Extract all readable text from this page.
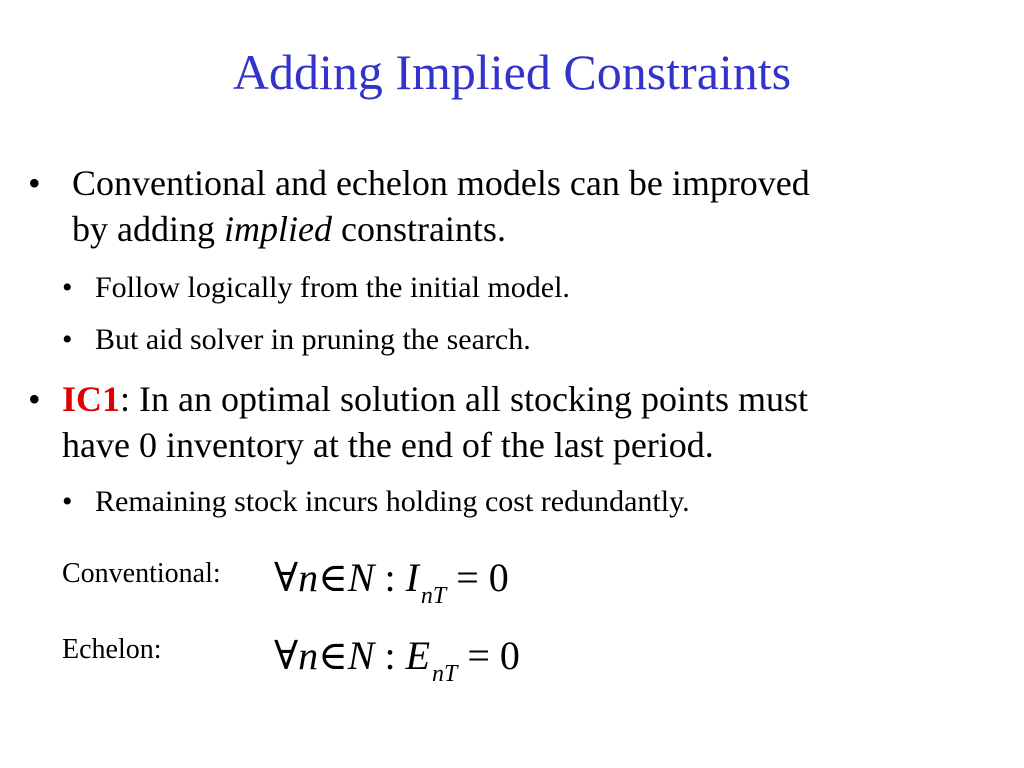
Adding Implied Constraints
• Conventional and echelon models can be improved
by adding implied constraints.
• Follow logically from the initial model.
• But aid solver in pruning the search.
• IC1: In an optimal solution all stocking points must
have 0 inventory at the end of the last period.
• Remaining stock incurs holding cost redundantly.
Conventional: ∀n∈N : $I_{nT} = 0$
Echelon:	∀n∈N : $E_{nT} = 0$
